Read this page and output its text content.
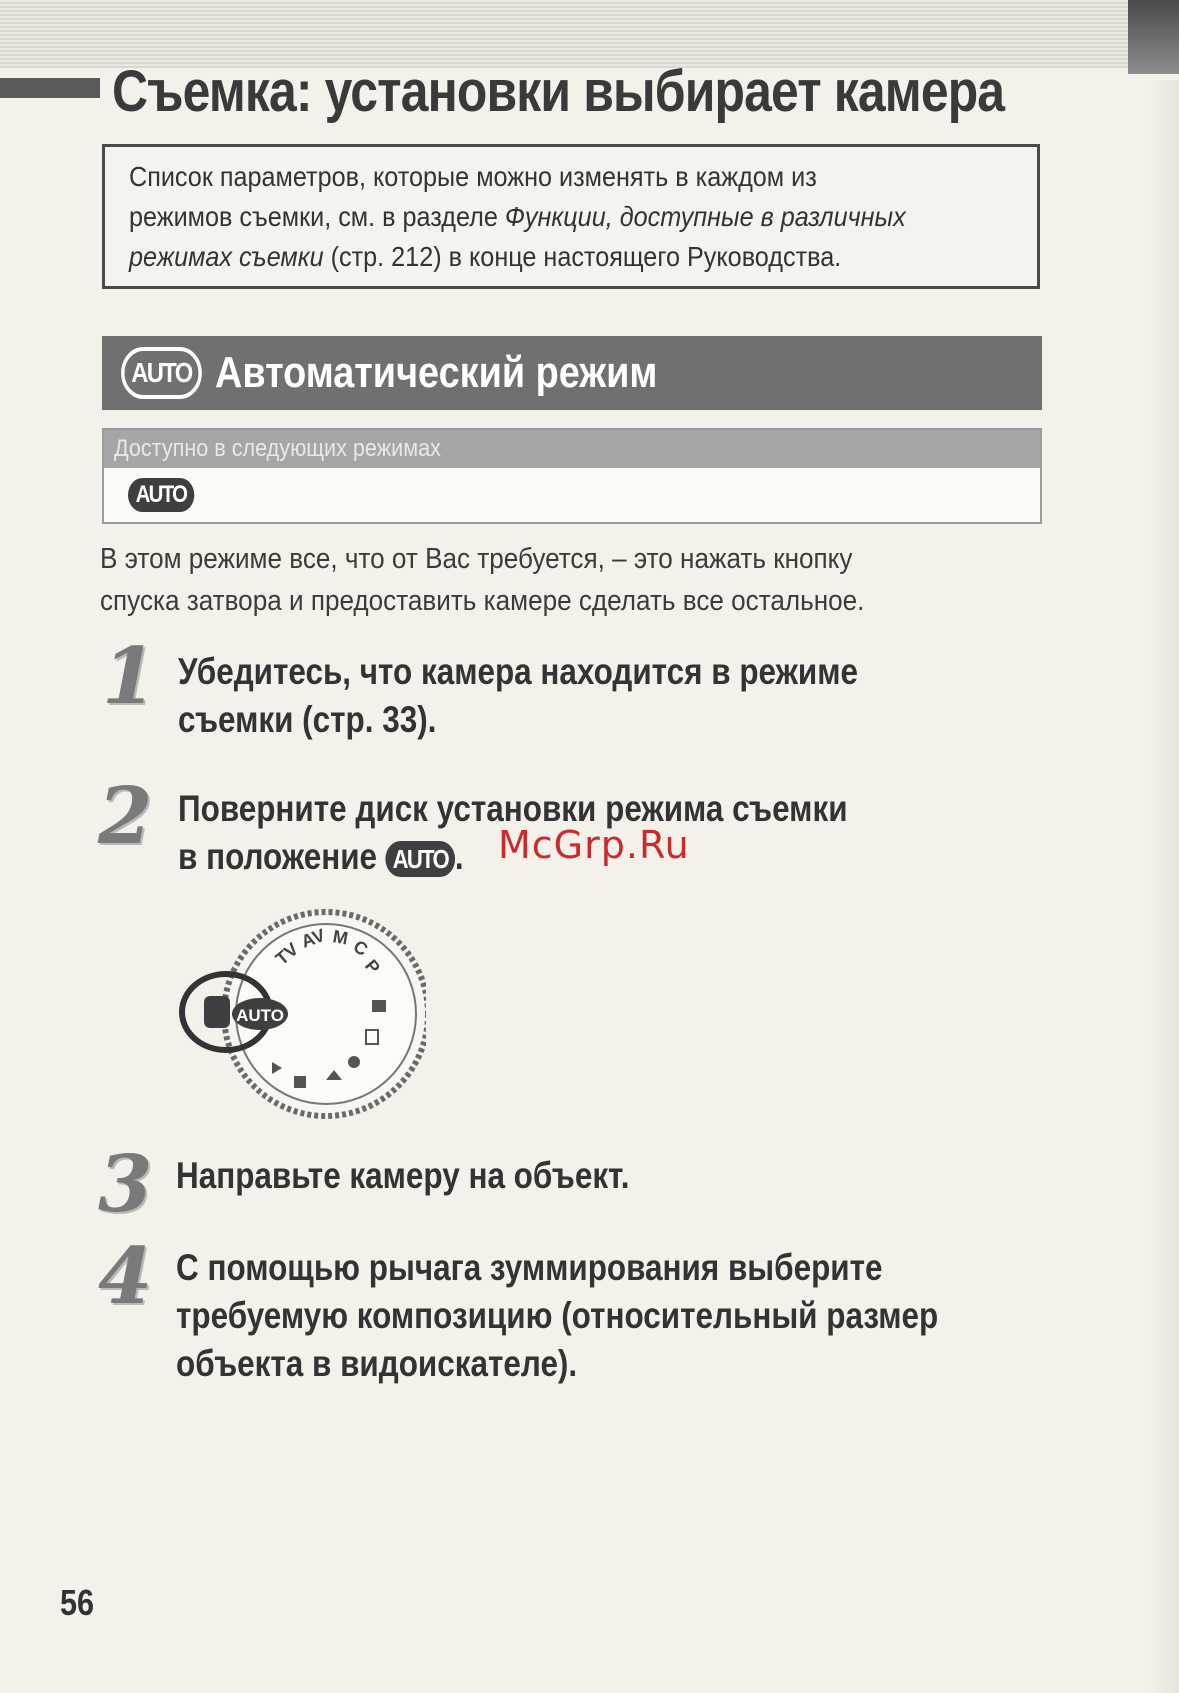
Съемка: установки выбирает камера

Список параметров, которые можно изменять в каждом из

режимов съемки, см. в разделе Функции, доступные в различных

режимах съемки (стр. 212) в конце настоящего Руководства.

AUTO Автоматический режим
Доступно в следующих режимах
AUTO
В этом режиме все, что от Вас требуется, – это нажать кнопку
спуска затвора и предоставить камере сделать все остальное.
1 Убедитесь, что камера находится в режиме
съемки (стр. 33).
2 Поверните диск установки режима съемки
в положение AUTO . McGrp.Ru
AUTO
TV
AV M C
P
3 Направьте камеру на объект.
4 С помощью рычага зуммирования выберите
требуемую композицию (относительный размер
объекта в видоискателе).

56
